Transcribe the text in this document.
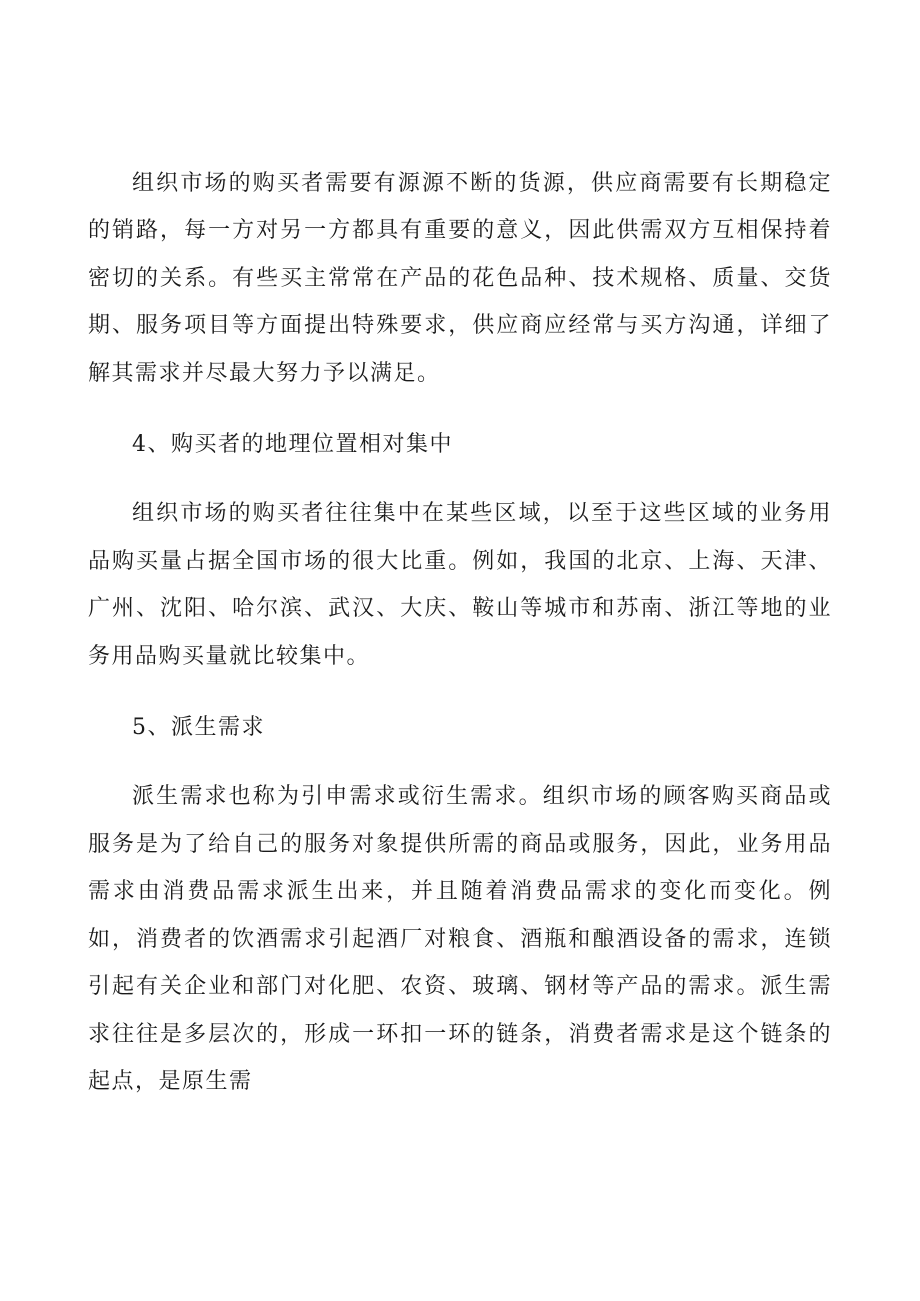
组织市场的购买者需要有源源不断的货源，供应商需要有长期稳定的销路，每一方对另一方都具有重要的意义，因此供需双方互相保持着密切的关系。有些买主常常在产品的花色品种、技术规格、质量、交货期、服务项目等方面提出特殊要求，供应商应经常与买方沟通，详细了解其需求并尽最大努力予以满足。

4、购买者的地理位置相对集中

组织市场的购买者往往集中在某些区域，以至于这些区域的业务用品购买量占据全国市场的很大比重。例如，我国的北京、上海、天津、广州、沈阳、哈尔滨、武汉、大庆、鞍山等城市和苏南、浙江等地的业务用品购买量就比较集中。

5、派生需求

派生需求也称为引申需求或衍生需求。组织市场的顾客购买商品或服务是为了给自己的服务对象提供所需的商品或服务，因此，业务用品需求由消费品需求派生出来，并且随着消费品需求的变化而变化。例如，消费者的饮酒需求引起酒厂对粮食、酒瓶和酿酒设备的需求，连锁引起有关企业和部门对化肥、农资、玻璃、钢材等产品的需求。派生需求往往是多层次的，形成一环扣一环的链条，消费者需求是这个链条的起点，是原生需
